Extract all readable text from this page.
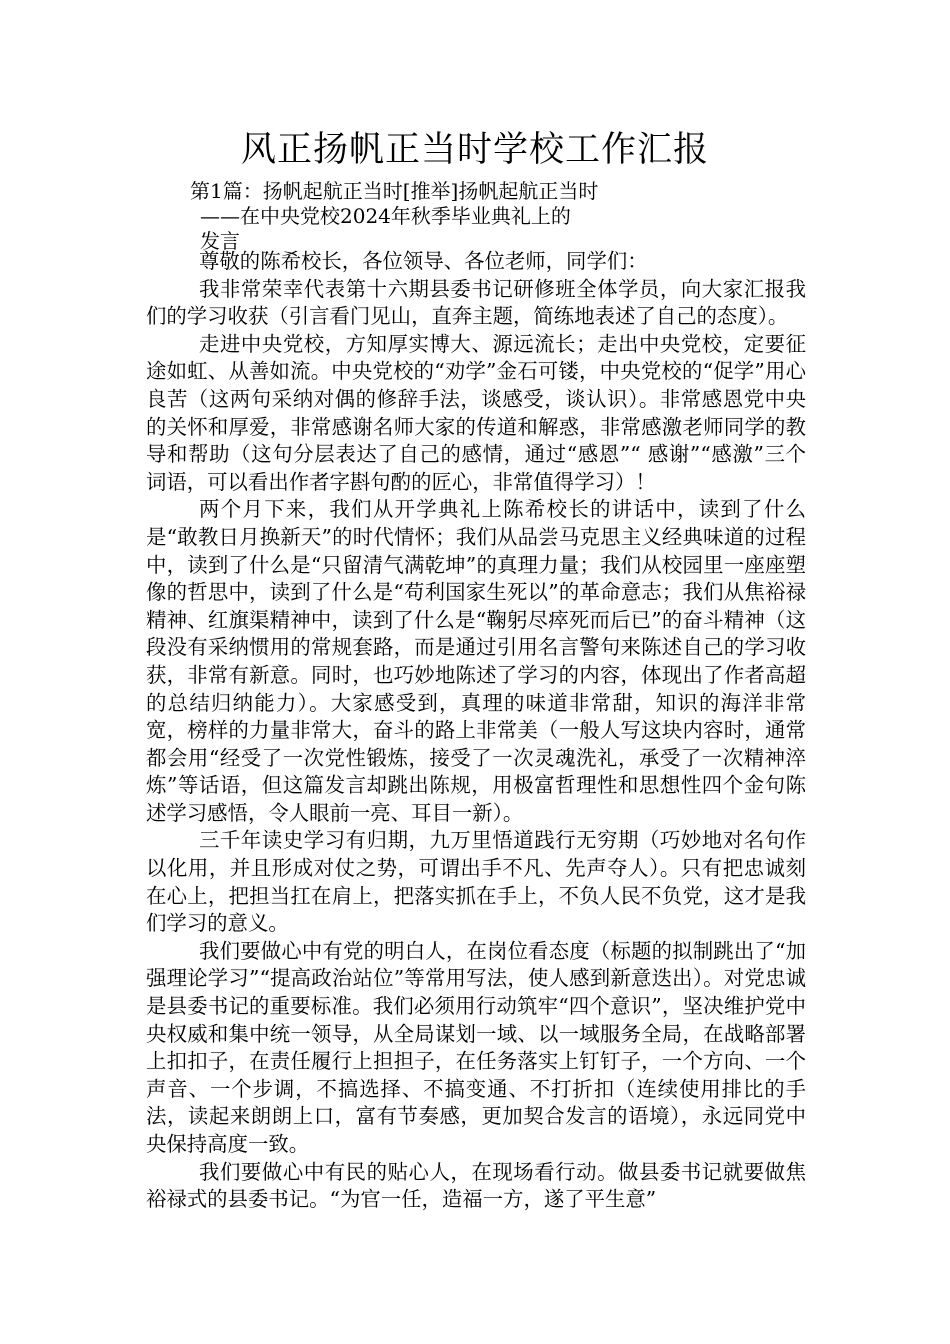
风正扬帆正当时学校工作汇报

第1篇：扬帆起航正当时[推举]扬帆起航正当时

——在中央党校2024年秋季毕业典礼上的

发言

尊敬的陈希校长，各位领导、各位老师，同学们：

我非常荣幸代表第十六期县委书记研修班全体学员，向大家汇报我们的学习收获（引言看门见山，直奔主题，简练地表述了自己的态度）。

走进中央党校，方知厚实博大、源远流长；走出中央党校，定要征途如虹、从善如流。中央党校的“劝学”金石可镂，中央党校的“促学”用心良苦（这两句采纳对偶的修辞手法，谈感受，谈认识）。非常感恩党中央的关怀和厚爱，非常感谢名师大家的传道和解惑，非常感激老师同学的教导和帮助（这句分层表达了自己的感情，通过“感恩”“ 感谢”“感激”三个词语，可以看出作者字斟句酌的匠心，非常值得学习）！

两个月下来，我们从开学典礼上陈希校长的讲话中，读到了什么是“敢教日月换新天”的时代情怀；我们从品尝马克思主义经典味道的过程中，读到了什么是“只留清气满乾坤”的真理力量；我们从校园里一座座塑像的哲思中，读到了什么是“苟利国家生死以”的革命意志；我们从焦裕禄精神、红旗渠精神中，读到了什么是“鞠躬尽瘁死而后已”的奋斗精神（这段没有采纳惯用的常规套路，而是通过引用名言警句来陈述自己的学习收获，非常有新意。同时，也巧妙地陈述了学习的内容，体现出了作者高超的总结归纳能力）。大家感受到，真理的味道非常甜，知识的海洋非常宽，榜样的力量非常大，奋斗的路上非常美（一般人写这块内容时，通常都会用“经受了一次党性锻炼，接受了一次灵魂洗礼，承受了一次精神淬炼”等话语，但这篇发言却跳出陈规，用极富哲理性和思想性四个金句陈述学习感悟，令人眼前一亮、耳目一新）。

三千年读史学习有归期，九万里悟道践行无穷期（巧妙地对名句作以化用，并且形成对仗之势，可谓出手不凡、先声夺人）。只有把忠诚刻在心上，把担当扛在肩上，把落实抓在手上，不负人民不负党，这才是我们学习的意义。

我们要做心中有党的明白人，在岗位看态度（标题的拟制跳出了“加强理论学习”“提高政治站位”等常用写法，使人感到新意迭出）。对党忠诚是县委书记的重要标准。我们必须用行动筑牢“四个意识”，坚决维护党中央权威和集中统一领导，从全局谋划一域、以一域服务全局，在战略部署上扣扣子，在责任履行上担担子，在任务落实上钉钉子，一个方向、一个声音、一个步调，不搞选择、不搞变通、不打折扣（连续使用排比的手法，读起来朗朗上口，富有节奏感，更加契合发言的语境），永远同党中央保持高度一致。

我们要做心中有民的贴心人，在现场看行动。做县委书记就要做焦裕禄式的县委书记。“为官一任，造福一方，遂了平生意”
